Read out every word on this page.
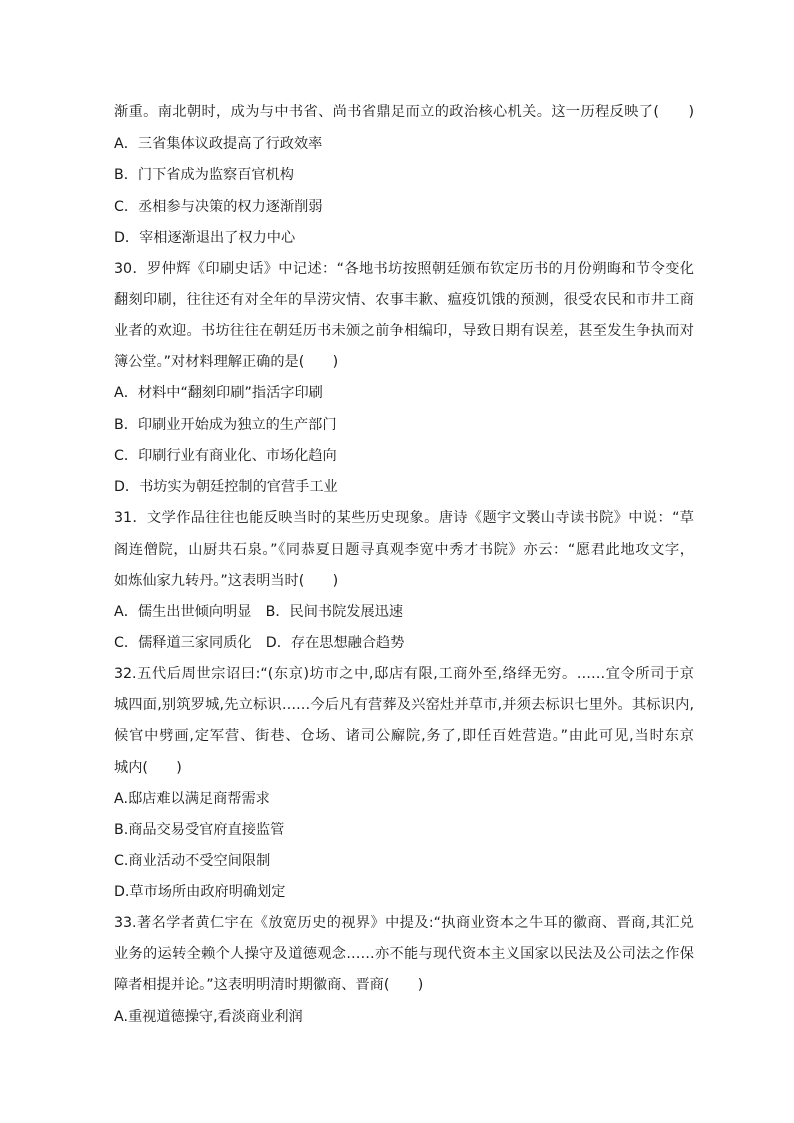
渐重。南北朝时，成为与中书省、尚书省鼎足而立的政治核心机关。这一历程反映了(　　)
A．三省集体议政提高了行政效率
B．门下省成为监察百官机构
C．丞相参与决策的权力逐渐削弱
D．宰相逐渐退出了权力中心
30．罗仲辉《印刷史话》中记述：“各地书坊按照朝廷颁布钦定历书的月份朔晦和节令变化
翻刻印刷，往往还有对全年的旱涝灾情、农事丰歉、瘟疫饥饿的预测，很受农民和市井工商
业者的欢迎。书坊往往在朝廷历书未颁之前争相编印，导致日期有误差，甚至发生争执而对
簿公堂。”对材料理解正确的是(　　)
A．材料中“翻刻印刷”指活字印刷
B．印刷业开始成为独立的生产部门
C．印刷行业有商业化、市场化趋向
D．书坊实为朝廷控制的官营手工业
31．文学作品往往也能反映当时的某些历史现象。唐诗《题宇文褧山寺读书院》中说：“草
阁连僧院，山厨共石泉。”《同恭夏日题寻真观李宽中秀才书院》亦云：“愿君此地攻文字，
如炼仙家九转丹。”这表明当时(　　)
A．儒生出世倾向明显　B．民间书院发展迅速
C．儒释道三家同质化　D．存在思想融合趋势
32.五代后周世宗诏曰:“(东京)坊市之中,邸店有限,工商外至,络绎无穷。……宜令所司于京
城四面,别筑罗城,先立标识……今后凡有营葬及兴窑灶并草市,并须去标识七里外。其标识内,
候官中劈画,定军营、街巷、仓场、诸司公廨院,务了,即任百姓营造。”由此可见,当时东京
城内(　　)
A.邸店难以满足商帮需求
B.商品交易受官府直接监管
C.商业活动不受空间限制
D.草市场所由政府明确划定
33.著名学者黄仁宇在《放宽历史的视界》中提及:“执商业资本之牛耳的徽商、晋商,其汇兑
业务的运转全赖个人操守及道德观念……亦不能与现代资本主义国家以民法及公司法之作保
障者相提并论。”这表明明清时期徽商、晋商(　　)
A.重视道德操守,看淡商业利润
